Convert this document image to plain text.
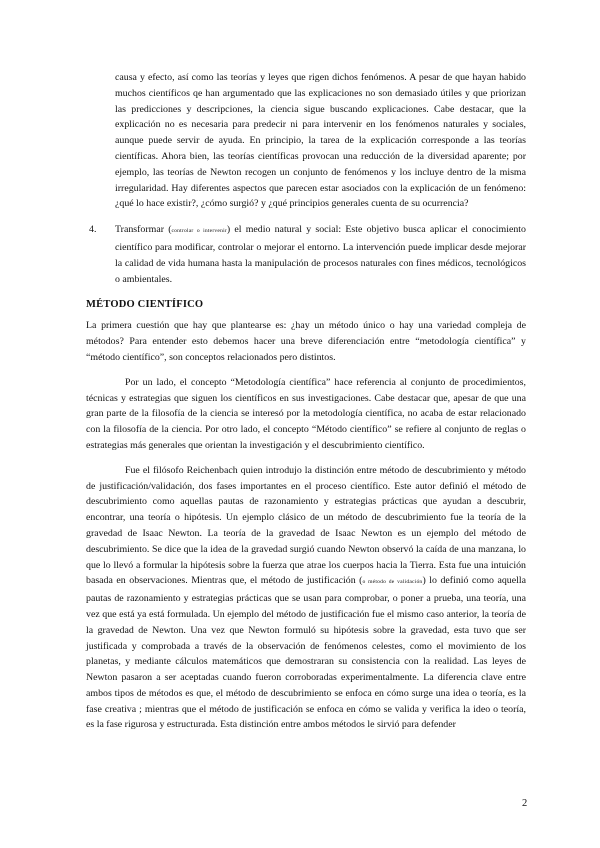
causa y efecto, así como las teorías y leyes que rigen dichos fenómenos. A pesar de que hayan habido muchos científicos qe han argumentado que las explicaciones no son demasiado útiles y que priorizan las predicciones y descripciones, la ciencia sigue buscando explicaciones. Cabe destacar, que la explicación no es necesaria para predecir ni para intervenir en los fenómenos naturales y sociales, aunque puede servir de ayuda. En principio, la tarea de la explicación corresponde a las teorías científicas. Ahora bien, las teorías científicas provocan una reducción de la diversidad aparente; por ejemplo, las teorías de Newton recogen un conjunto de fenómenos y los incluye dentro de la misma irregularidad. Hay diferentes aspectos que parecen estar asociados con la explicación de un fenómeno: ¿qué lo hace existir?, ¿cómo surgió? y ¿qué principios generales cuenta de su ocurrencia?

4. Transformar (controlar o intervenir) el medio natural y social: Este objetivo busca aplicar el conocimiento científico para modificar, controlar o mejorar el entorno. La intervención puede implicar desde mejorar la calidad de vida humana hasta la manipulación de procesos naturales con fines médicos, tecnológicos o ambientales.

MÉTODO CIENTÍFICO

La primera cuestión que hay que plantearse es: ¿hay un método único o hay una variedad compleja de métodos? Para entender esto debemos hacer una breve diferenciación entre “metodología científica” y “método científico”, son conceptos relacionados pero distintos.

Por un lado, el concepto “Metodología científica” hace referencia al conjunto de procedimientos, técnicas y estrategias que siguen los científicos en sus investigaciones. Cabe destacar que, apesar de que una gran parte de la filosofía de la ciencia se interesó por la metodología científica, no acaba de estar relacionado con la filosofía de la ciencia. Por otro lado, el concepto “Método científico” se refiere al conjunto de reglas o estrategias más generales que orientan la investigación y el descubrimiento científico.

Fue el filósofo Reichenbach quien introdujo la distinción entre método de descubrimiento y método de justificación/validación, dos fases importantes en el proceso científico. Este autor definió el método de descubrimiento como aquellas pautas de razonamiento y estrategias prácticas que ayudan a descubrir, encontrar, una teoría o hipótesis. Un ejemplo clásico de un método de descubrimiento fue la teoría de la gravedad de Isaac Newton. La teoría de la gravedad de Isaac Newton es un ejemplo del método de descubrimiento. Se dice que la idea de la gravedad surgió cuando Newton observó la caída de una manzana, lo que lo llevó a formular la hipótesis sobre la fuerza que atrae los cuerpos hacia la Tierra. Esta fue una intuición basada en observaciones. Mientras que, el método de justificación (o método de validación) lo definió como aquella pautas de razonamiento y estrategias prácticas que se usan para comprobar, o poner a prueba, una teoría, una vez que está ya está formulada. Un ejemplo del método de justificación fue el mismo caso anterior, la teoría de la gravedad de Newton. Una vez que Newton formuló su hipótesis sobre la gravedad, esta tuvo que ser justificada y comprobada a través de la observación de fenómenos celestes, como el movimiento de los planetas, y mediante cálculos matemáticos que demostraran su consistencia con la realidad. Las leyes de Newton pasaron a ser aceptadas cuando fueron corroboradas experimentalmente. La diferencia clave entre ambos tipos de métodos es que, el método de descubrimiento se enfoca en cómo surge una idea o teoría, es la fase creativa ; mientras que el método de justificación se enfoca en cómo se valida y verifica la ideo o teoría, es la fase rigurosa y estructurada. Esta distinción entre ambos métodos le sirvió para defender

2
